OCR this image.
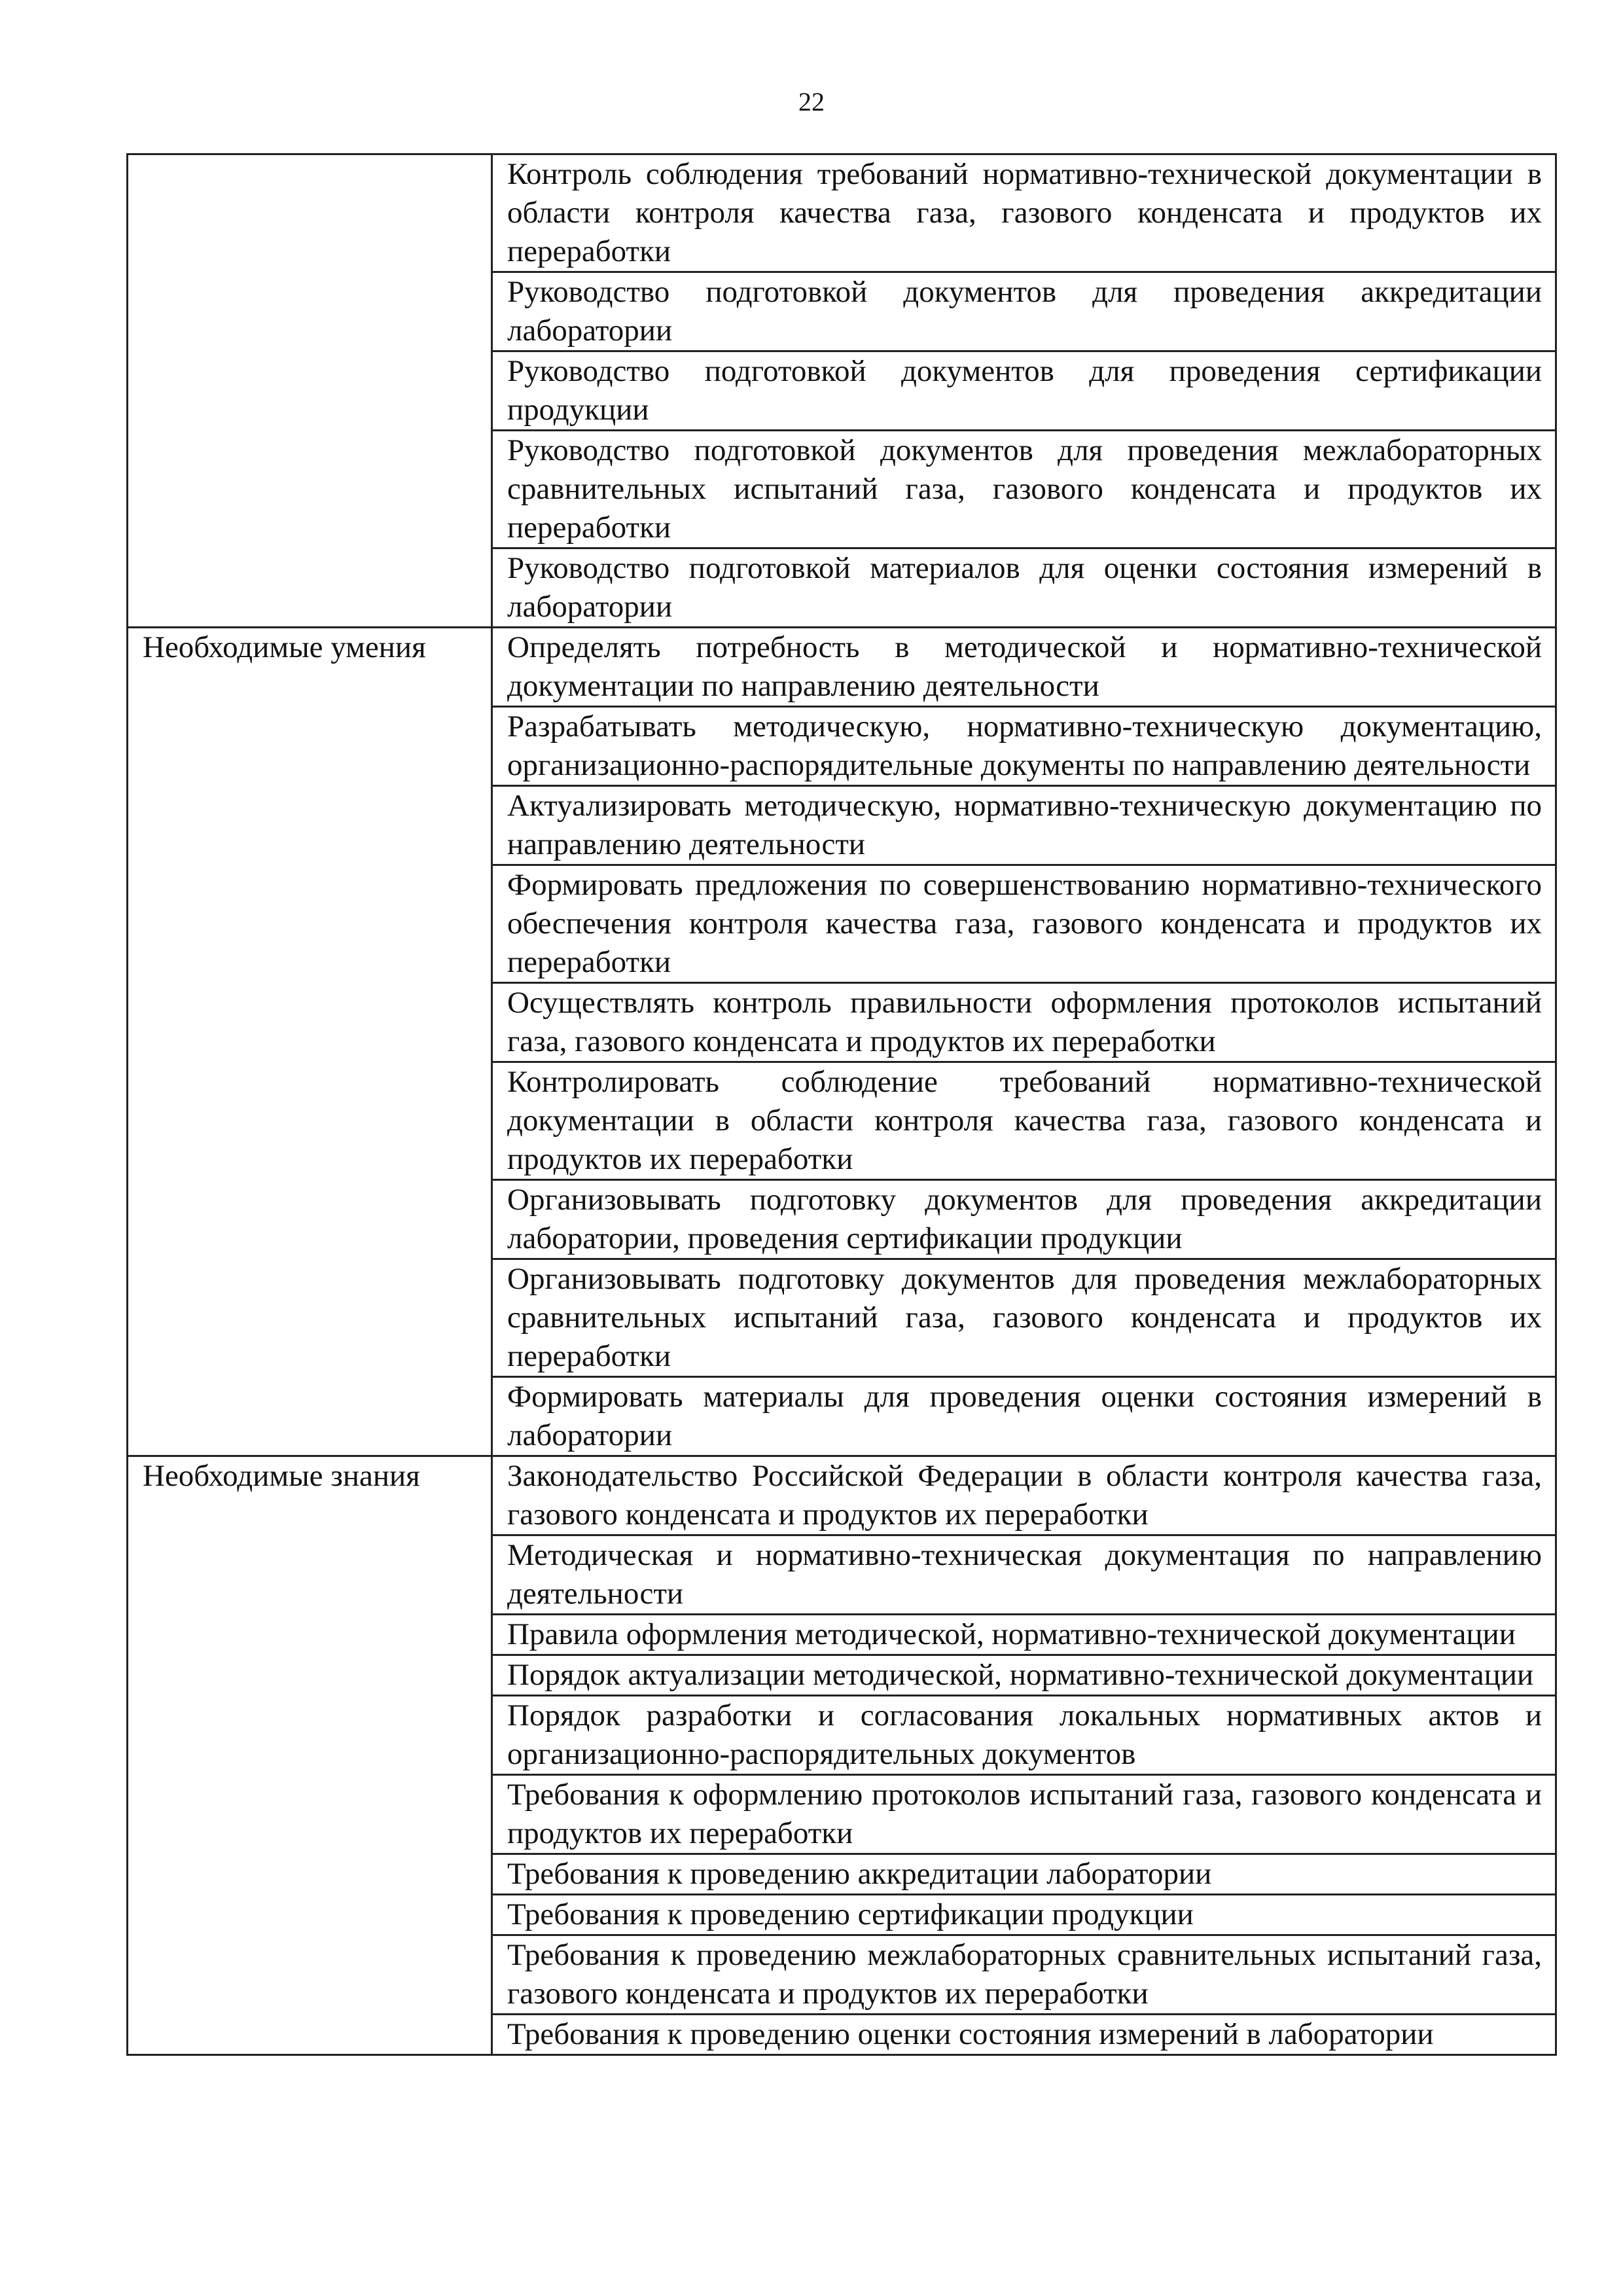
22
	Контроль соблюдения требований нормативно-технической документации в области контроля качества газа, газового конденсата и продуктов их переработки
	Руководство подготовкой документов для проведения аккредитации лаборатории
	Руководство подготовкой документов для проведения сертификации продукции
	Руководство подготовкой документов для проведения межлабораторных сравнительных испытаний газа, газового конденсата и продуктов их переработки
	Руководство подготовкой материалов для оценки состояния измерений в лаборатории
Необходимые умения	Определять потребность в методической и нормативно-технической документации по направлению деятельности
	Разрабатывать методическую, нормативно-техническую документацию, организационно-распорядительные документы по направлению деятельности
	Актуализировать методическую, нормативно-техническую документацию по направлению деятельности
	Формировать предложения по совершенствованию нормативно-технического обеспечения контроля качества газа, газового конденсата и продуктов их переработки
	Осуществлять контроль правильности оформления протоколов испытаний газа, газового конденсата и продуктов их переработки
	Контролировать соблюдение требований нормативно-технической документации в области контроля качества газа, газового конденсата и продуктов их переработки
	Организовывать подготовку документов для проведения аккредитации лаборатории, проведения сертификации продукции
	Организовывать подготовку документов для проведения межлабораторных сравнительных испытаний газа, газового конденсата и продуктов их переработки
	Формировать материалы для проведения оценки состояния измерений в лаборатории
Необходимые знания	Законодательство Российской Федерации в области контроля качества газа, газового конденсата и продуктов их переработки
	Методическая и нормативно-техническая документация по направлению деятельности
	Правила оформления методической, нормативно-технической документации
	Порядок актуализации методической, нормативно-технической документации
	Порядок разработки и согласования локальных нормативных актов и организационно-распорядительных документов
	Требования к оформлению протоколов испытаний газа, газового конденсата и продуктов их переработки
	Требования к проведению аккредитации лаборатории
	Требования к проведению сертификации продукции
	Требования к проведению межлабораторных сравнительных испытаний газа, газового конденсата и продуктов их переработки
	Требования к проведению оценки состояния измерений в лаборатории
